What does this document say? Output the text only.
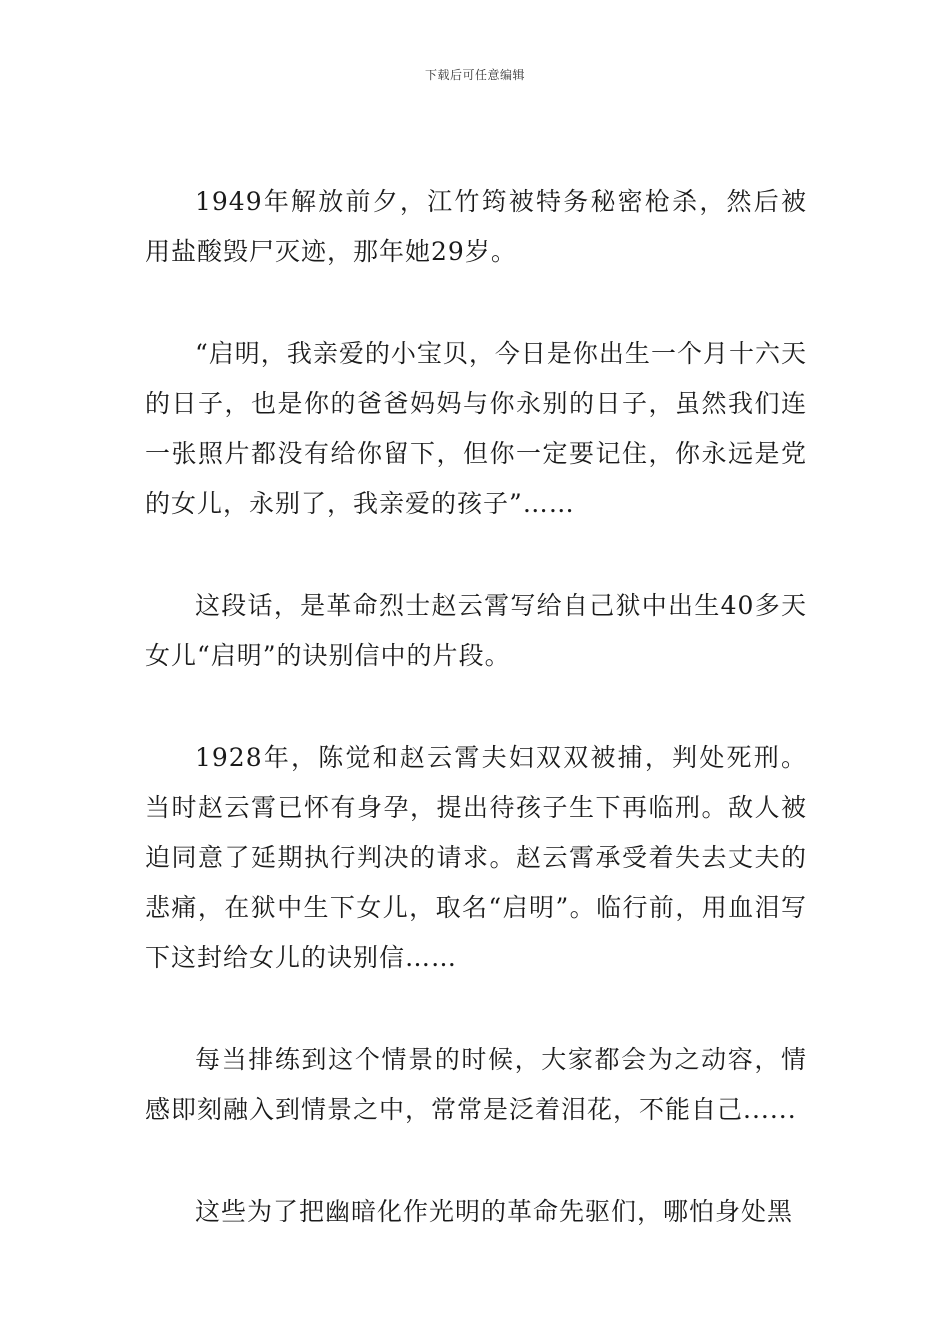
下载后可任意编辑

1949年解放前夕，江竹筠被特务秘密枪杀，然后被用盐酸毁尸灭迹，那年她29岁。

“启明，我亲爱的小宝贝，今日是你出生一个月十六天的日子，也是你的爸爸妈妈与你永别的日子，虽然我们连一张照片都没有给你留下，但你一定要记住，你永远是党的女儿，永别了，我亲爱的孩子”……

这段话，是革命烈士赵云霄写给自己狱中出生40多天女儿“启明”的诀别信中的片段。

1928年，陈觉和赵云霄夫妇双双被捕，判处死刑。当时赵云霄已怀有身孕，提出待孩子生下再临刑。敌人被迫同意了延期执行判决的请求。赵云霄承受着失去丈夫的悲痛，在狱中生下女儿，取名“启明”。临行前，用血泪写下这封给女儿的诀别信……

每当排练到这个情景的时候，大家都会为之动容，情感即刻融入到情景之中，常常是泛着泪花，不能自己......

这些为了把幽暗化作光明的革命先驱们，哪怕身处黑
